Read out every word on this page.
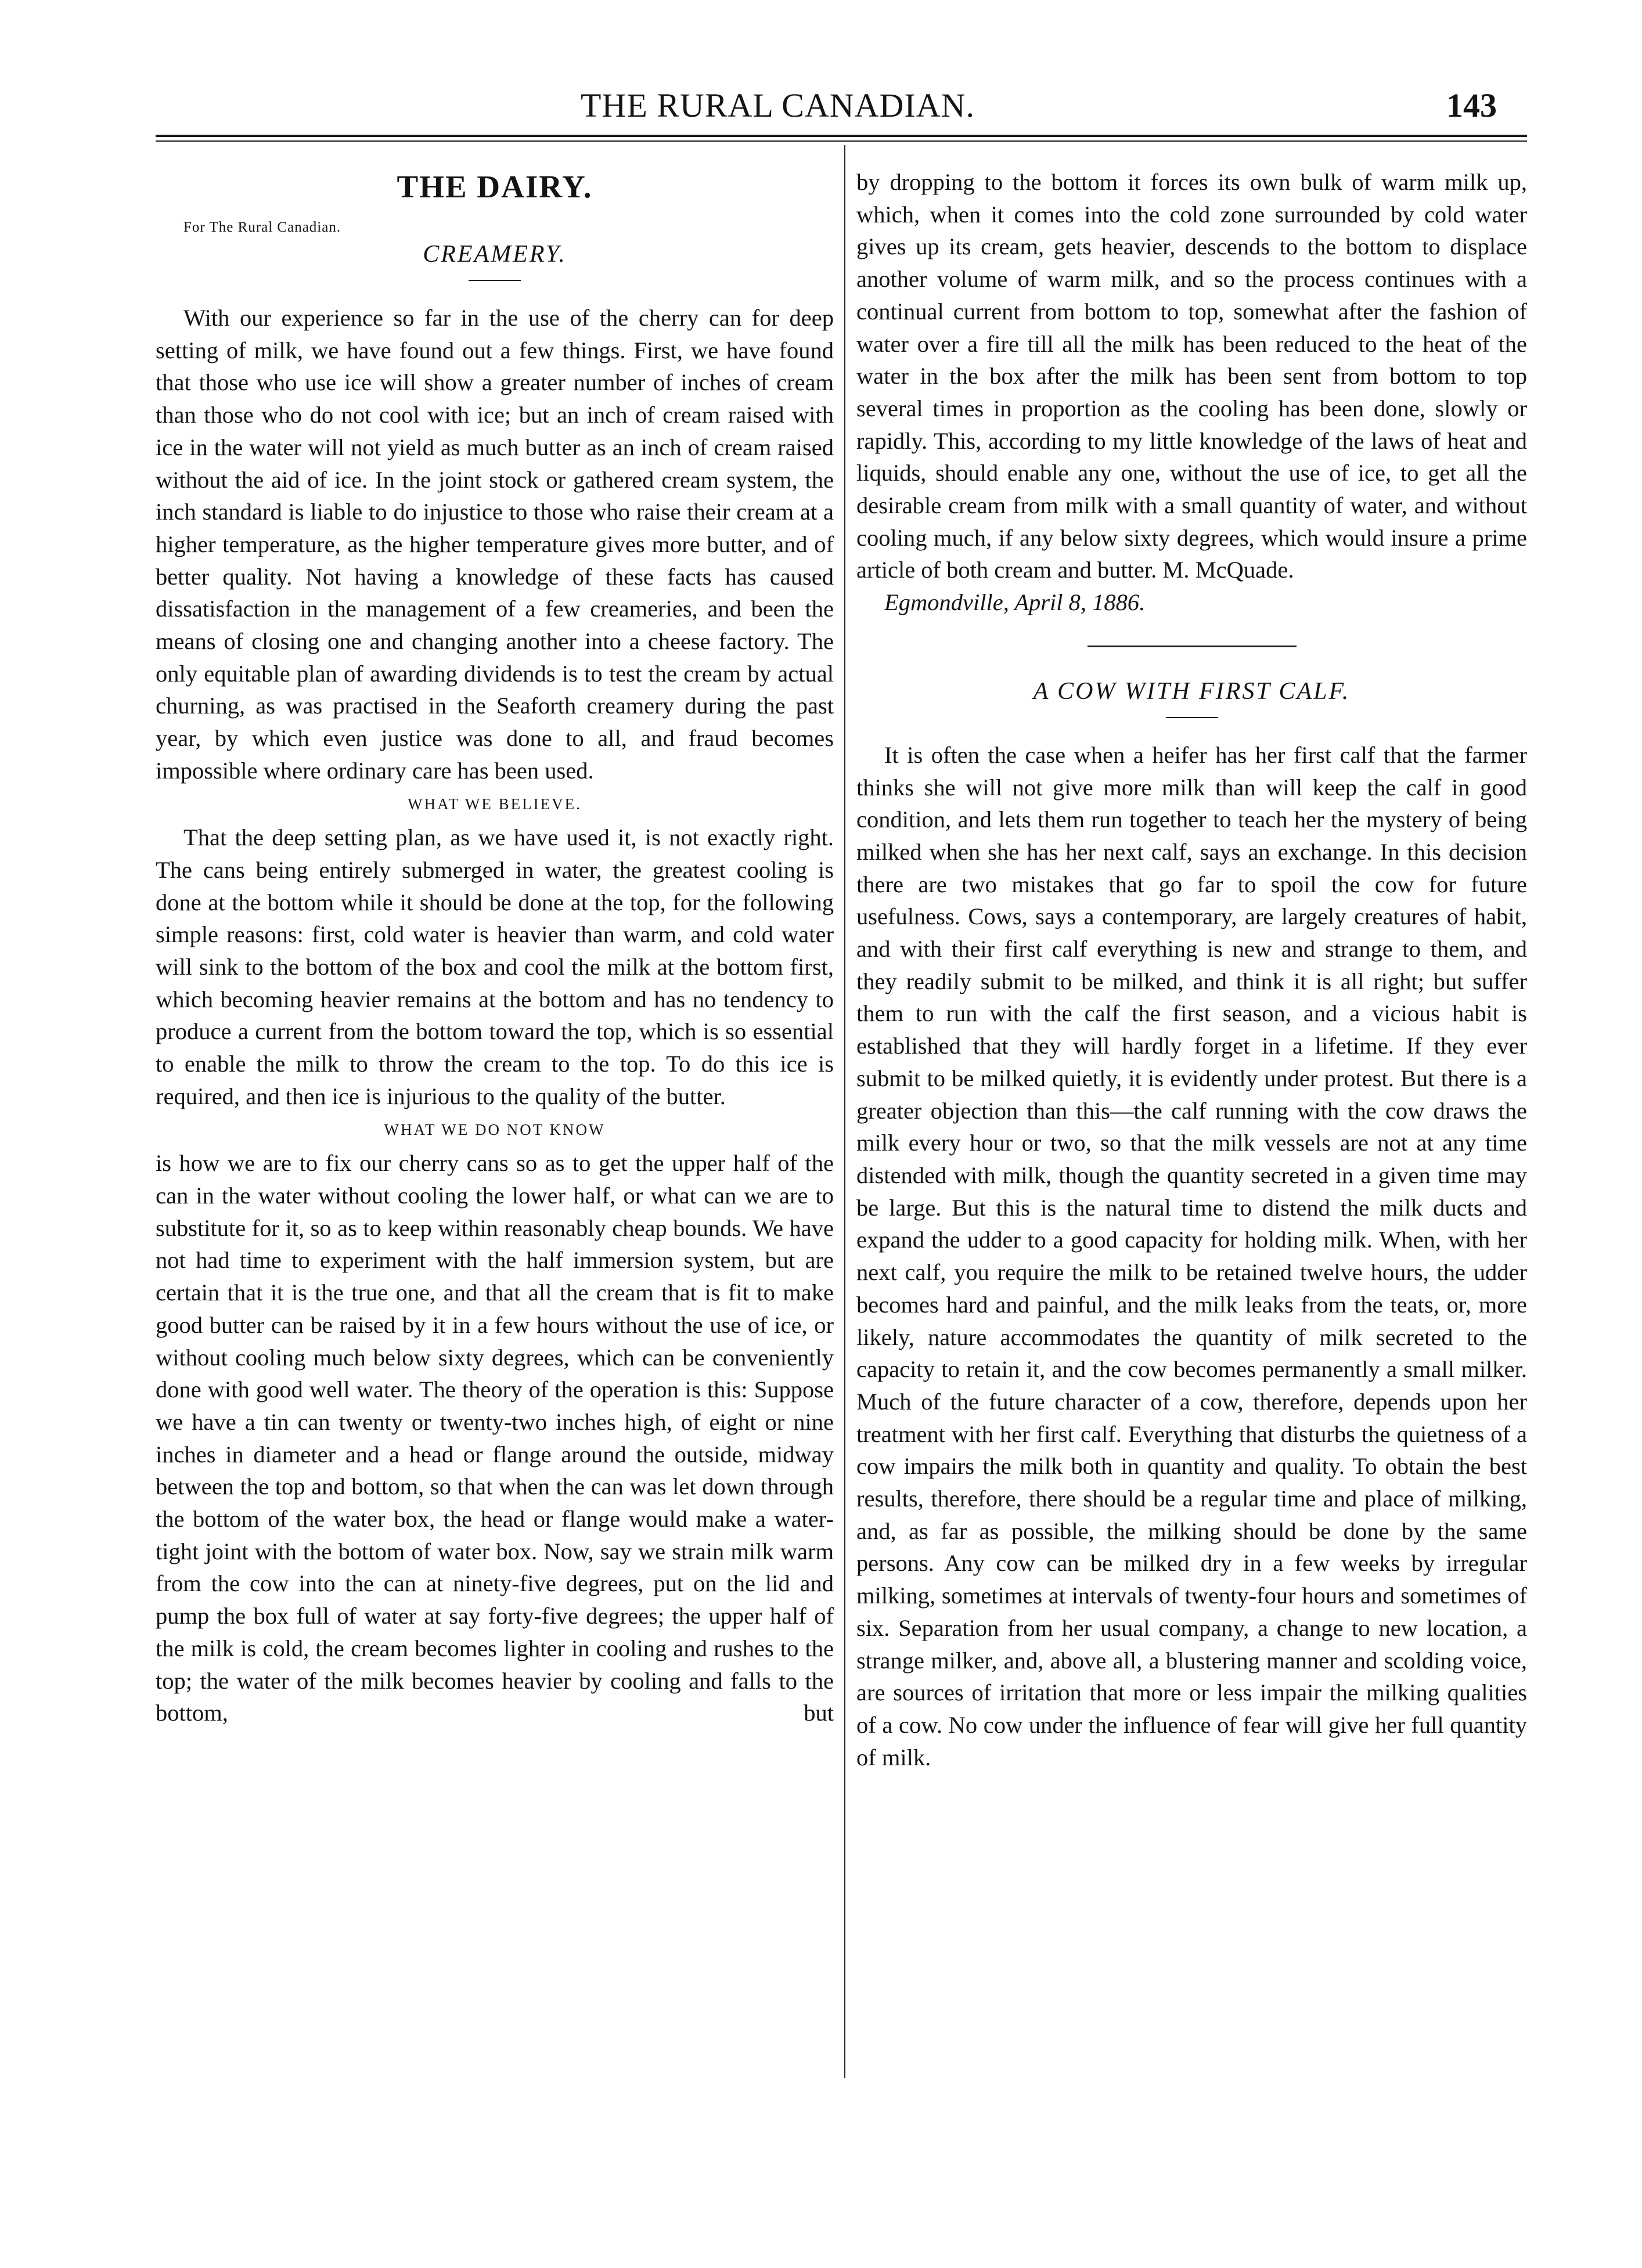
THE RURAL CANADIAN.	143
THE DAIRY.

For The Rural Canadian.

CREAMERY.

With our experience so far in the use of the cherry can for deep setting of milk, we have found out a few things. First, we have found that those who use ice will show a greater number of inches of cream than those who do not cool with ice; but an inch of cream raised with ice in the water will not yield as much butter as an inch of cream raised without the aid of ice. In the joint stock or gathered cream system, the inch standard is liable to do injustice to those who raise their cream at a higher temperature, as the higher temperature gives more butter, and of better quality. Not having a knowledge of these facts has caused dissatisfaction in the management of a few creameries, and been the means of closing one and changing another into a cheese factory. The only equitable plan of awarding dividends is to test the cream by actual churning, as was practised in the Seaforth creamery during the past year, by which even justice was done to all, and fraud becomes impossible where ordinary care has been used.

WHAT WE BELIEVE.

That the deep setting plan, as we have used it, is not exactly right. The cans being entirely submerged in water, the greatest cooling is done at the bottom while it should be done at the top, for the following simple reasons: first, cold water is heavier than warm, and cold water will sink to the bottom of the box and cool the milk at the bottom first, which becoming heavier remains at the bottom and has no tendency to produce a current from the bottom toward the top, which is so essential to enable the milk to throw the cream to the top. To do this ice is required, and then ice is injurious to the quality of the butter.

WHAT WE DO NOT KNOW

is how we are to fix our cherry cans so as to get the upper half of the can in the water without cooling the lower half, or what can we are to substitute for it, so as to keep within reasonably cheap bounds. We have not had time to experiment with the half immersion system, but are certain that it is the true one, and that all the cream that is fit to make good butter can be raised by it in a few hours without the use of ice, or without cooling much below sixty degrees, which can be conveniently done with good well water. The theory of the operation is this: Suppose we have a tin can twenty or twenty-two inches high, of eight or nine inches in diameter and a head or flange around the outside, midway between the top and bottom, so that when the can was let down through the bottom of the water box, the head or flange would make a water-tight joint with the bottom of water box. Now, say we strain milk warm from the cow into the can at ninety-five degrees, put on the lid and pump the box full of water at say forty-five degrees; the upper half of the milk is cold, the cream becomes lighter in cooling and rushes to the top; the water of the milk becomes heavier by cooling and falls to the bottom, but

by dropping to the bottom it forces its own bulk of warm milk up, which, when it comes into the cold zone surrounded by cold water gives up its cream, gets heavier, descends to the bottom to displace another volume of warm milk, and so the process continues with a continual current from bottom to top, somewhat after the fashion of water over a fire till all the milk has been reduced to the heat of the water in the box after the milk has been sent from bottom to top several times in proportion as the cooling has been done, slowly or rapidly. This, according to my little knowledge of the laws of heat and liquids, should enable any one, without the use of ice, to get all the desirable cream from milk with a small quantity of water, and without cooling much, if any below sixty degrees, which would insure a prime article of both cream and butter. M. McQuade.

Egmondville, April 8, 1886.

A COW WITH FIRST CALF.

It is often the case when a heifer has her first calf that the farmer thinks she will not give more milk than will keep the calf in good condition, and lets them run together to teach her the mystery of being milked when she has her next calf, says an exchange. In this decision there are two mistakes that go far to spoil the cow for future usefulness. Cows, says a contemporary, are largely creatures of habit, and with their first calf everything is new and strange to them, and they readily submit to be milked, and think it is all right; but suffer them to run with the calf the first season, and a vicious habit is established that they will hardly forget in a lifetime. If they ever submit to be milked quietly, it is evidently under protest. But there is a greater objection than this—the calf running with the cow draws the milk every hour or two, so that the milk vessels are not at any time distended with milk, though the quantity secreted in a given time may be large. But this is the natural time to distend the milk ducts and expand the udder to a good capacity for holding milk. When, with her next calf, you require the milk to be retained twelve hours, the udder becomes hard and painful, and the milk leaks from the teats, or, more likely, nature accommodates the quantity of milk secreted to the capacity to retain it, and the cow becomes permanently a small milker. Much of the future character of a cow, therefore, depends upon her treatment with her first calf. Everything that disturbs the quietness of a cow impairs the milk both in quantity and quality. To obtain the best results, therefore, there should be a regular time and place of milking, and, as far as possible, the milking should be done by the same persons. Any cow can be milked dry in a few weeks by irregular milking, sometimes at intervals of twenty-four hours and sometimes of six. Separation from her usual company, a change to new location, a strange milker, and, above all, a blustering manner and scolding voice, are sources of irritation that more or less impair the milking qualities of a cow. No cow under the influence of fear will give her full quantity of milk.
